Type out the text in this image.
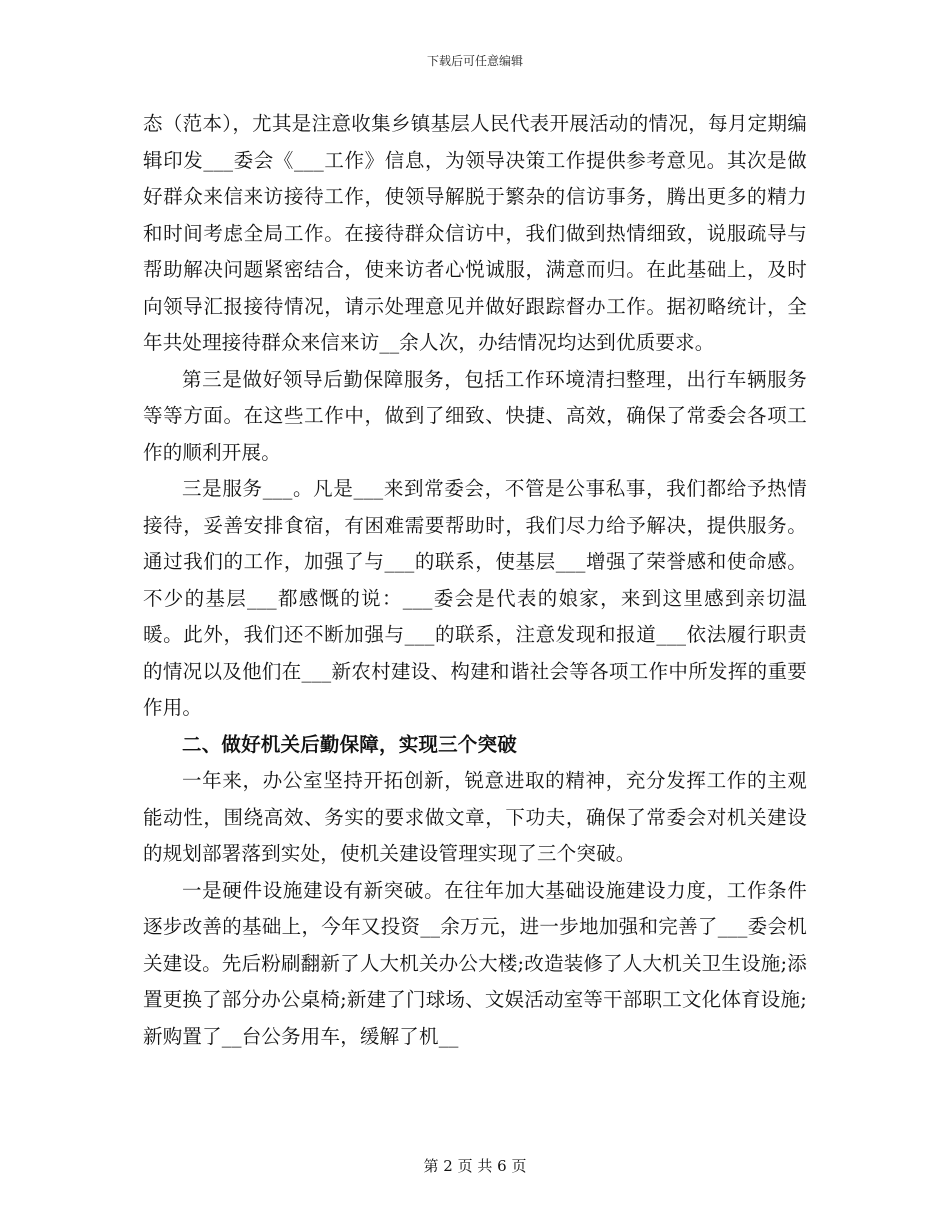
下载后可任意编辑

态（范本），尤其是注意收集乡镇基层人民代表开展活动的情况，每月定期编辑印发___委会《___工作》信息，为领导决策工作提供参考意见。其次是做好群众来信来访接待工作，使领导解脱于繁杂的信访事务，腾出更多的精力和时间考虑全局工作。在接待群众信访中，我们做到热情细致，说服疏导与帮助解决问题紧密结合，使来访者心悦诚服，满意而归。在此基础上，及时向领导汇报接待情况，请示处理意见并做好跟踪督办工作。据初略统计，全年共处理接待群众来信来访__余人次，办结情况均达到优质要求。

第三是做好领导后勤保障服务，包括工作环境清扫整理，出行车辆服务等等方面。在这些工作中，做到了细致、快捷、高效，确保了常委会各项工作的顺利开展。

三是服务___。凡是___来到常委会，不管是公事私事，我们都给予热情接待，妥善安排食宿，有困难需要帮助时，我们尽力给予解决，提供服务。通过我们的工作，加强了与___的联系，使基层___增强了荣誉感和使命感。不少的基层___都感慨的说：___委会是代表的娘家，来到这里感到亲切温暖。此外，我们还不断加强与___的联系，注意发现和报道___依法履行职责的情况以及他们在___新农村建设、构建和谐社会等各项工作中所发挥的重要作用。

二、做好机关后勤保障，实现三个突破

一年来，办公室坚持开拓创新，锐意进取的精神，充分发挥工作的主观能动性，围绕高效、务实的要求做文章，下功夫，确保了常委会对机关建设的规划部署落到实处，使机关建设管理实现了三个突破。

一是硬件设施建设有新突破。在往年加大基础设施建设力度，工作条件逐步改善的基础上，今年又投资__余万元，进一步地加强和完善了___委会机关建设。先后粉刷翻新了人大机关办公大楼;改造装修了人大机关卫生设施;添置更换了部分办公桌椅;新建了门球场、文娱活动室等干部职工文化体育设施;新购置了__台公务用车，缓解了机__

第 2 页 共 6 页
